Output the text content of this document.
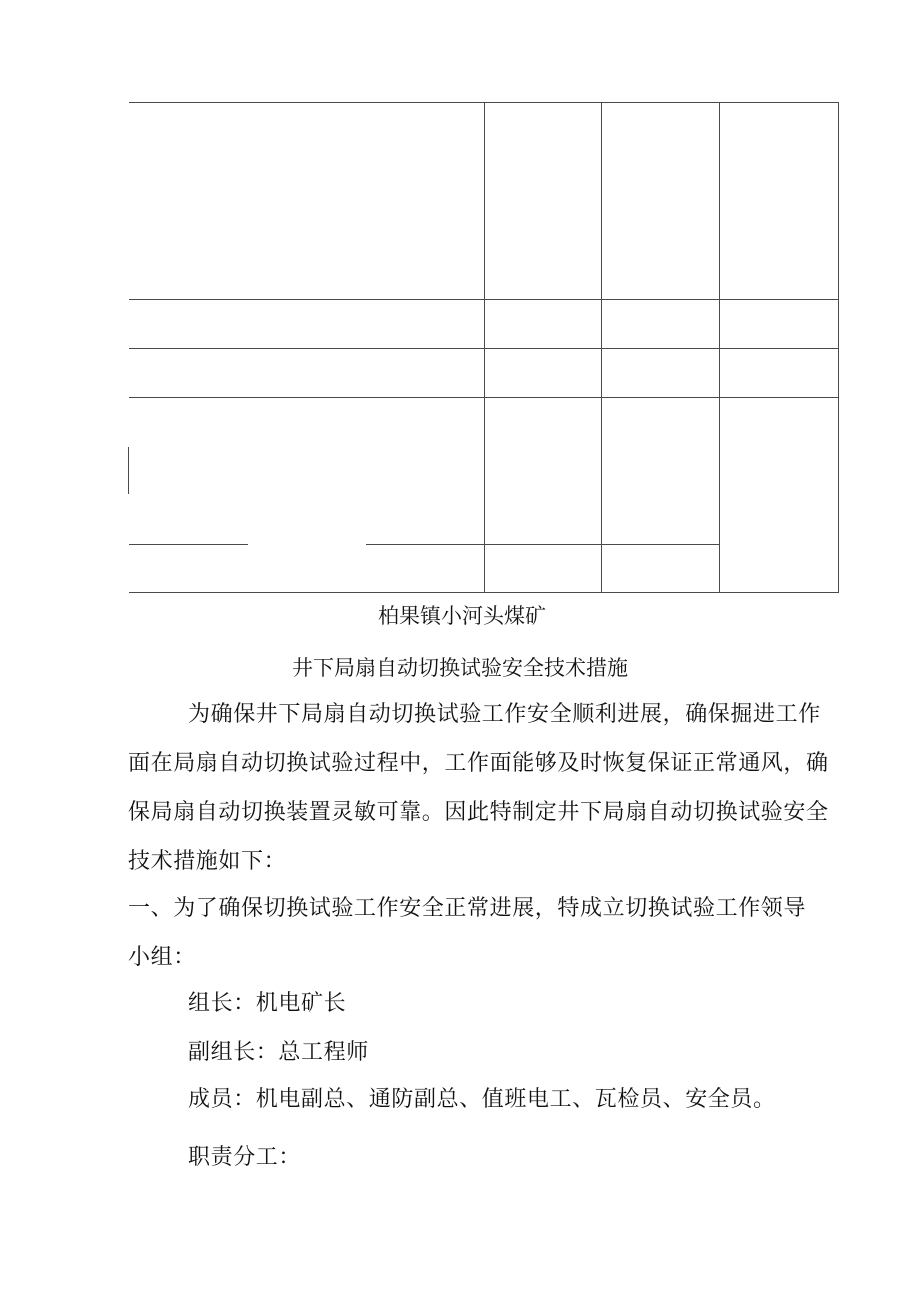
柏果镇小河头煤矿
井下局扇自动切换试验安全技术措施
为确保井下局扇自动切换试验工作安全顺利进展，确保掘进工作
面在局扇自动切换试验过程中，工作面能够及时恢复保证正常通风，确
保局扇自动切换装置灵敏可靠。因此特制定井下局扇自动切换试验安全
技术措施如下：
一、为了确保切换试验工作安全正常进展，特成立切换试验工作领导
小组：
组长：机电矿长
副组长：总工程师
成员：机电副总、通防副总、值班电工、瓦检员、安全员。
职责分工：
